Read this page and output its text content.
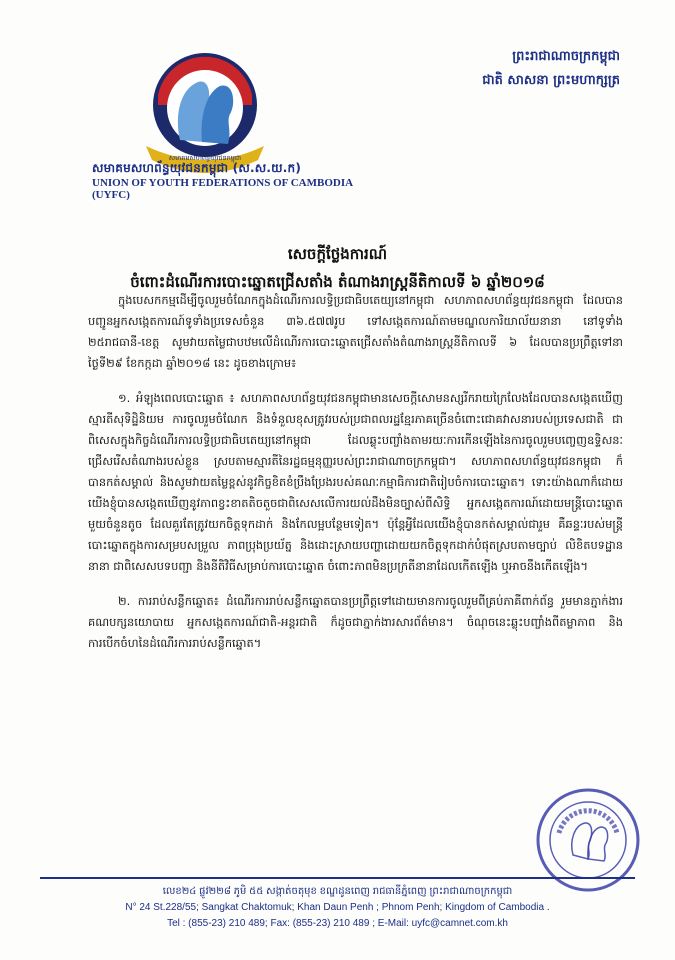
សមាគមសហព័ន្ធយុវជនកម្ពុជា
សមាគមសហព័ន្ធយុវជនកម្ពុជា (ស.ស.យ.ក)
UNION OF YOUTH FEDERATIONS OF CAMBODIA (UYFC)
ព្រះរាជាណាចក្រកម្ពុជា
ជាតិ សាសនា ព្រះមហាក្សត្រ
សេចក្តីថ្លែងការណ៍
ចំពោះដំណើរការបោះឆ្នោតជ្រើសតាំង តំណាងរាស្ត្រនីតិកាលទី ៦ ឆ្នាំ២០១៨

ក្នុងបេសកកម្មដើម្បីចូលរួមចំណែកក្នុងដំណើរការលទ្ធិប្រជាធិបតេយ្យនៅកម្ពុជា សហភាពសហព័ន្ធយុវជនកម្ពុជា ដែលបានបញ្ជូនអ្នកសង្កេតការណ៍ទូទាំងប្រទេសចំនួន ៣៦.៥៧៧រូប ទៅសង្កេតការណ៍តាមមណ្ឌលការិយាល័យនានា នៅទូទាំង ២៥រាជធានី-ខេត្ត សូមវាយតម្លៃជាបឋមលើដំណើរការបោះឆ្នោតជ្រើសតាំងតំណាងរាស្ត្រនីតិកាលទី ៦ ដែលបានប្រព្រឹត្តទៅនាថ្ងៃទី២៩ ខែកក្កដា ឆ្នាំ២០១៨ នេះ ដូចខាងក្រោម៖

១. អំឡុងពេលបោះឆ្នោត ៖ សហភាពសហព័ន្ធយុវជនកម្ពុជាមានសេចក្តីសោមនស្សរីករាយក្រៃលែងដែលបានសង្កេតឃើញស្មារតីសុទិដ្ឋិនិយម ការចូលរួមចំណែក និងទំនួលខុសត្រូវរបស់ប្រជាពលរដ្ឋខ្មែរភាគច្រើនចំពោះជោគវាសនារបស់ប្រទេសជាតិ ជាពិសេសក្នុងកិច្ចដំណើរការលទ្ធិប្រជាធិបតេយ្យនៅកម្ពុជា ដែលឆ្លុះបញ្ចាំងតាមរយៈការកើនឡើងនៃការចូលរួមបញ្ចេញឧទ្ទិសនៈជ្រើសរើសតំណាងរបស់ខ្លួន ស្របតាមស្មារតីនៃរដ្ឋធម្មនុញ្ញរបស់ព្រះរាជាណាចក្រកម្ពុជា។ សហភាពសហព័ន្ធយុវជនកម្ពុជា ក៏បានកត់សម្គាល់ និងសូមវាយតម្លៃខ្ពស់នូវកិច្ចខិតខំប្រឹងប្រែងរបស់គណៈកម្មាធិការជាតិរៀបចំការបោះឆ្នោត។ ទោះយ៉ាងណាក៏ដោយ យើងខ្ញុំបានសង្កេតឃើញនូវភាពខ្វះខាតតិចតួចជាពិសេសលើការយល់ដឹងមិនច្បាស់ពីសិទ្ធិ អ្នកសង្កេតការណ៍ដោយមន្ត្រីបោះឆ្នោតមួយចំនួនតូច ដែលគួរតែត្រូវយកចិត្តទុកដាក់ និងកែលម្អបន្ថែមទៀត។ ប៉ុន្តែអ្វីដែលយើងខ្ញុំបានកត់សម្គាល់ជារួម គឺឆន្ទៈរបស់មន្ត្រីបោះឆ្នោតក្នុងការសម្របសម្រួល ភាពប្រុងប្រយ័ត្ន និងដោះស្រាយបញ្ហាដោយយកចិត្តទុកដាក់បំផុតស្របតាមច្បាប់ លិខិតបទដ្ឋាននានា ជាពិសេសបទបញ្ជា និងនីតិវិធីសម្រាប់ការបោះឆ្នោត ចំពោះភាពមិនប្រក្រតីនានាដែលកើតឡើង ឬអាចនឹងកើតឡើង។

២. ការរាប់សន្លឹកឆ្នោត៖ ដំណើរការរាប់សន្លឹកឆ្នោតបានប្រព្រឹត្តទៅដោយមានការចូលរួមពីគ្រប់ភាគីពាក់ព័ន្ធ រួមមានភ្នាក់ងារគណបក្សនយោបាយ អ្នកសង្កេតការណ៍ជាតិ-អន្តរជាតិ ក៏ដូចជាភ្នាក់ងារសារព័ត៌មាន។ ចំណុចនេះឆ្លុះបញ្ចាំងពីតម្លាភាព និងការបើកចំហនៃដំណើរការរាប់សន្លឹកឆ្នោត។

លេខ២៤ ផ្លូវ២២៨ ភូមិ ៥៥ សង្កាត់ចតុមុខ ខណ្ឌដូនពេញ រាជធានីភ្នំពេញ ព្រះរាជាណាចក្រកម្ពុជា
N° 24 St.228/55; Sangkat Chaktomuk; Khan Daun Penh ; Phnom Penh; Kingdom of Cambodia .
Tel : (855-23) 210 489; Fax: (855-23) 210 489 ; E-Mail: uyfc@camnet.com.kh
